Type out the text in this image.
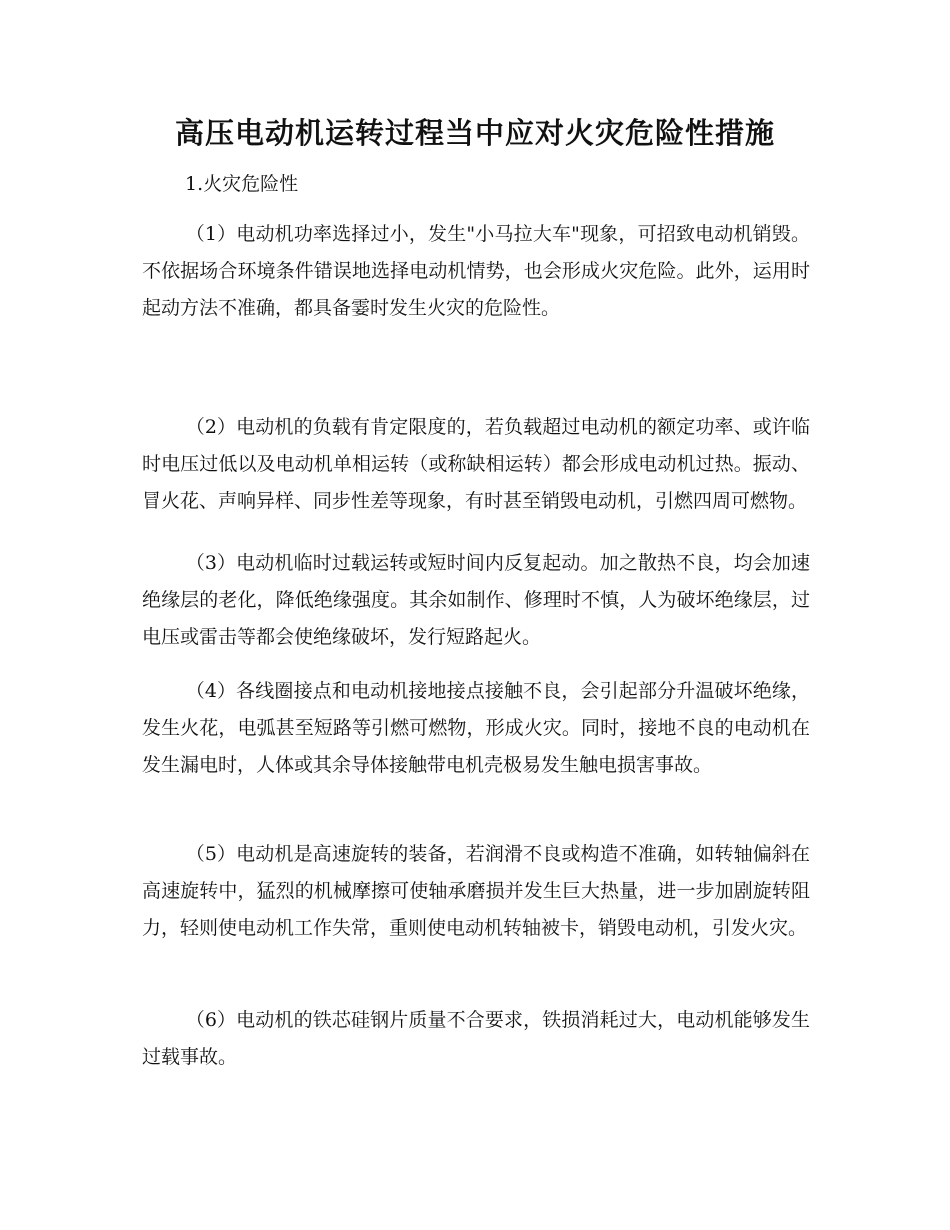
高压电动机运转过程当中应对火灾危险性措施
1.火灾危险性

（1）电动机功率选择过小，发生"小马拉大车"现象，可招致电动机销毁。不依据场合环境条件错误地选择电动机情势，也会形成火灾危险。此外，运用时起动方法不准确，都具备霎时发生火灾的危险性。

（2）电动机的负载有肯定限度的，若负载超过电动机的额定功率、或许临时电压过低以及电动机单相运转（或称缺相运转）都会形成电动机过热。振动、冒火花、声响异样、同步性差等现象，有时甚至销毁电动机，引燃四周可燃物。

（3）电动机临时过载运转或短时间内反复起动。加之散热不良，均会加速绝缘层的老化，降低绝缘强度。其余如制作、修理时不慎，人为破坏绝缘层，过电压或雷击等都会使绝缘破坏，发行短路起火。

（4）各线圈接点和电动机接地接点接触不良，会引起部分升温破坏绝缘，发生火花，电弧甚至短路等引燃可燃物，形成火灾。同时，接地不良的电动机在发生漏电时，人体或其余导体接触带电机壳极易发生触电损害事故。

（5）电动机是高速旋转的装备，若润滑不良或构造不准确，如转轴偏斜在高速旋转中，猛烈的机械摩擦可使轴承磨损并发生巨大热量，进一步加剧旋转阻力，轻则使电动机工作失常，重则使电动机转轴被卡，销毁电动机，引发火灾。

（6）电动机的铁芯硅钢片质量不合要求，铁损消耗过大，电动机能够发生过载事故。
